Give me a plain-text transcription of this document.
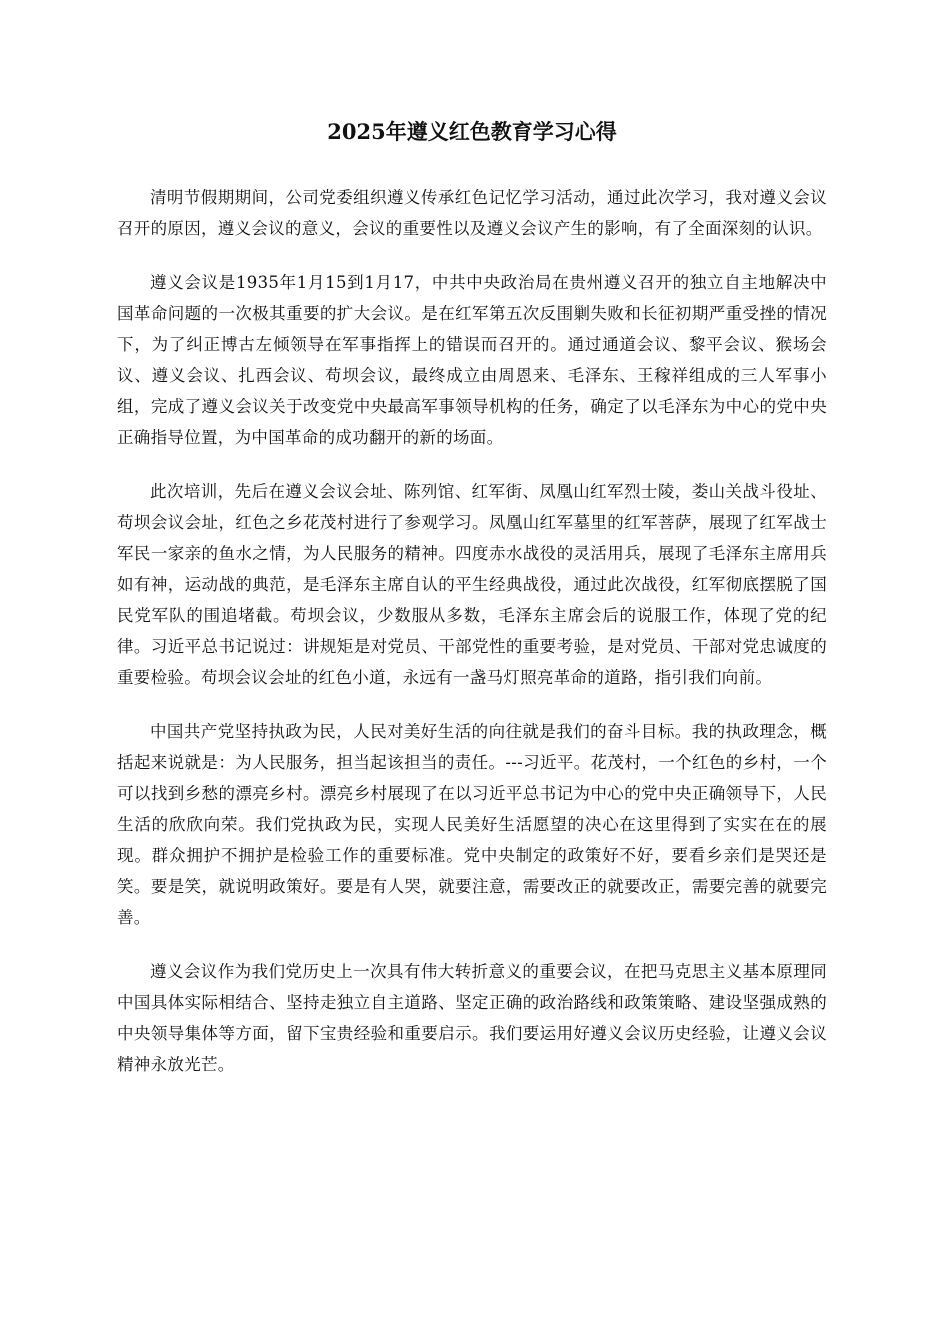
2025年遵义红色教育学习心得

清明节假期期间，公司党委组织遵义传承红色记忆学习活动，通过此次学习，我对遵义会议召开的原因，遵义会议的意义，会议的重要性以及遵义会议产生的影响，有了全面深刻的认识。

遵义会议是1935年1月15到1月17，中共中央政治局在贵州遵义召开的独立自主地解决中国革命问题的一次极其重要的扩大会议。是在红军第五次反围剿失败和长征初期严重受挫的情况下，为了纠正博古左倾领导在军事指挥上的错误而召开的。通过通道会议、黎平会议、猴场会议、遵义会议、扎西会议、苟坝会议，最终成立由周恩来、毛泽东、王稼祥组成的三人军事小组，完成了遵义会议关于改变党中央最高军事领导机构的任务，确定了以毛泽东为中心的党中央正确指导位置，为中国革命的成功翻开的新的场面。

此次培训，先后在遵义会议会址、陈列馆、红军街、凤凰山红军烈士陵，娄山关战斗役址、苟坝会议会址，红色之乡花茂村进行了参观学习。凤凰山红军墓里的红军菩萨，展现了红军战士军民一家亲的鱼水之情，为人民服务的精神。四度赤水战役的灵活用兵，展现了毛泽东主席用兵如有神，运动战的典范，是毛泽东主席自认的平生经典战役，通过此次战役，红军彻底摆脱了国民党军队的围追堵截。苟坝会议，少数服从多数，毛泽东主席会后的说服工作，体现了党的纪律。习近平总书记说过：讲规矩是对党员、干部党性的重要考验，是对党员、干部对党忠诚度的重要检验。苟坝会议会址的红色小道，永远有一盏马灯照亮革命的道路，指引我们向前。

中国共产党坚持执政为民，人民对美好生活的向往就是我们的奋斗目标。我的执政理念，概括起来说就是：为人民服务，担当起该担当的责任。---习近平。花茂村，一个红色的乡村，一个可以找到乡愁的漂亮乡村。漂亮乡村展现了在以习近平总书记为中心的党中央正确领导下，人民生活的欣欣向荣。我们党执政为民，实现人民美好生活愿望的决心在这里得到了实实在在的展现。群众拥护不拥护是检验工作的重要标准。党中央制定的政策好不好，要看乡亲们是哭还是笑。要是笑，就说明政策好。要是有人哭，就要注意，需要改正的就要改正，需要完善的就要完善。

遵义会议作为我们党历史上一次具有伟大转折意义的重要会议，在把马克思主义基本原理同中国具体实际相结合、坚持走独立自主道路、坚定正确的政治路线和政策策略、建设坚强成熟的中央领导集体等方面，留下宝贵经验和重要启示。我们要运用好遵义会议历史经验，让遵义会议精神永放光芒。
